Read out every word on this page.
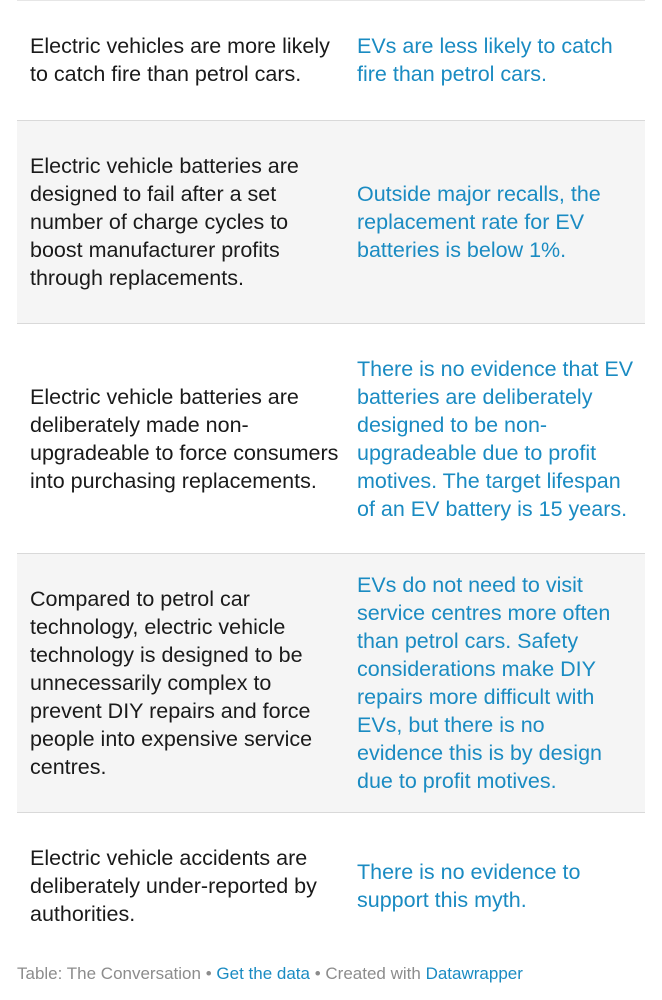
Electric vehicles are more likely to catch fire than petrol cars.
EVs are less likely to catch fire than petrol cars.
Electric vehicle batteries are designed to fail after a set number of charge cycles to boost manufacturer profits through replacements.
Outside major recalls, the replacement rate for EV batteries is below 1%.
Electric vehicle batteries are deliberately made non-upgradeable to force consumers into purchasing replacements.
There is no evidence that EV batteries are deliberately designed to be non-upgradeable due to profit motives. The target lifespan of an EV battery is 15 years.
Compared to petrol car technology, electric vehicle technology is designed to be unnecessarily complex to prevent DIY repairs and force people into expensive service centres.
EVs do not need to visit service centres more often than petrol cars. Safety considerations make DIY repairs more difficult with EVs, but there is no evidence this is by design due to profit motives.
Electric vehicle accidents are deliberately under-reported by authorities.
There is no evidence to support this myth.
Table: The Conversation • Get the data • Created with Datawrapper
